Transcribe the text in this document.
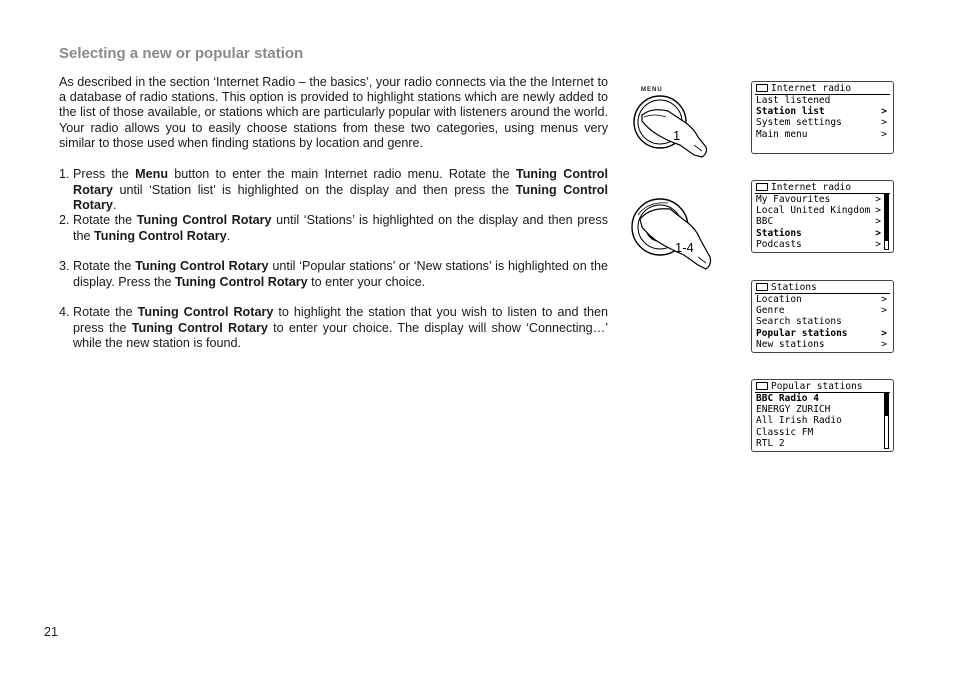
Selecting a new or popular station

As described in the section ‘Internet Radio – the basics’, your radio connects via the the Internet to a database of radio stations. This option is provided to highlight stations which are newly added to the list of those available, or stations which are particularly popular with listeners around the world. Your radio allows you to easily choose stations from these two categories, using menus very similar to those used when finding stations by location and genre.

1. Press the Menu button to enter the main Internet radio menu. Rotate the Tuning Control Rotary until ‘Station list’ is highlighted on the display and then press the Tuning Control Rotary.
2. Rotate the Tuning Control Rotary until ‘Stations’ is highlighted on the display and then press the Tuning Control Rotary.
3. Rotate the Tuning Control Rotary until ‘Popular stations’ or ‘New stations’ is highlighted on the display. Press the Tuning Control Rotary to enter your choice.
4. Rotate the Tuning Control Rotary to highlight the station that you wish to listen to and then press the Tuning Control Rotary to enter your choice. The display will show ‘Connecting…’ while the new station is found.
MENU
1
1-4
Internet radio
Last listened
Station list	>
System settings	>
Main menu	>
Internet radio
My Favourites	>
Local United Kingdom >
BBC	>
Stations	>
Podcasts	>
Stations
Location	>
Genre	>
Search stations
Popular stations	>
New stations	>
Popular stations
BBC Radio 4
ENERGY ZURICH
All Irish Radio
Classic FM
RTL 2
21
